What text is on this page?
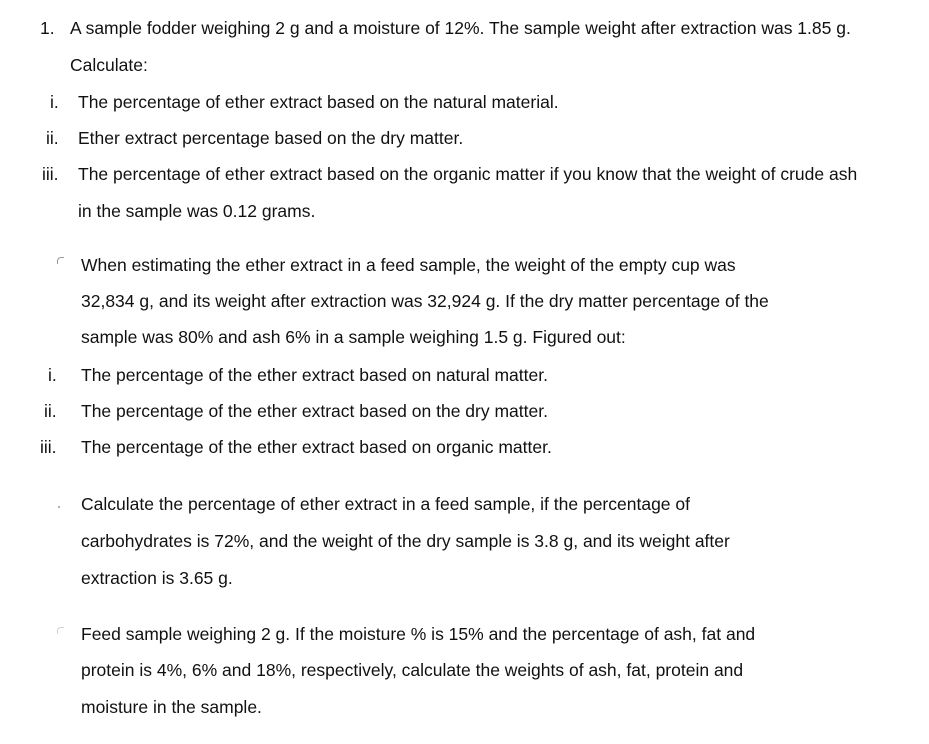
1. A sample fodder weighing 2 g and a moisture of 12%. The sample weight after extraction was 1.85 g.
Calculate:
i. The percentage of ether extract based on the natural material.
ii. Ether extract percentage based on the dry matter.
iii. The percentage of ether extract based on the organic matter if you know that the weight of crude ash
in the sample was 0.12 grams.
When estimating the ether extract in a feed sample, the weight of the empty cup was
32,834 g, and its weight after extraction was 32,924 g. If the dry matter percentage of the
sample was 80% and ash 6% in a sample weighing 1.5 g. Figured out:
i. The percentage of the ether extract based on natural matter.
ii. The percentage of the ether extract based on the dry matter.
iii. The percentage of the ether extract based on organic matter.
Calculate the percentage of ether extract in a feed sample, if the percentage of
carbohydrates is 72%, and the weight of the dry sample is 3.8 g, and its weight after
extraction is 3.65 g.
Feed sample weighing 2 g. If the moisture % is 15% and the percentage of ash, fat and
protein is 4%, 6% and 18%, respectively, calculate the weights of ash, fat, protein and
moisture in the sample.
